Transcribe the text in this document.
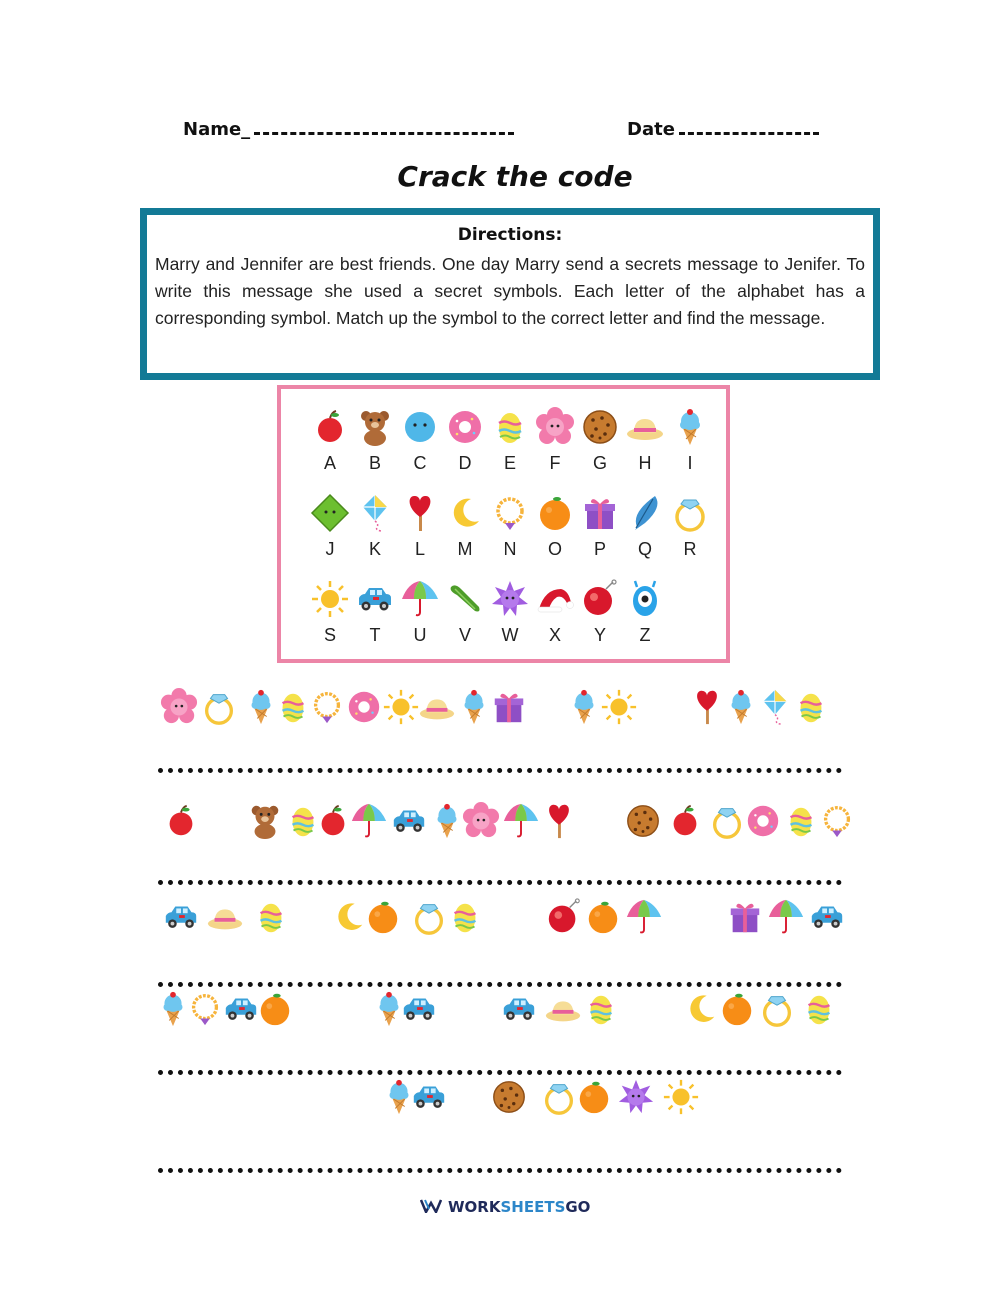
Name_	Date
Crack the code
Directions:
Marry and Jennifer are best friends. One day Marry send a secrets message to Jenifer. To write this message she used a secret symbols. Each letter of the alphabet has a corresponding symbol. Match up the symbol to the correct letter and find the message.
A	B	C	D	E	F	G	H	I
J	K	L	M	N	O	P	Q	R
S	T	U	V	W	X	Y	Z
WORKSHEETSGO
